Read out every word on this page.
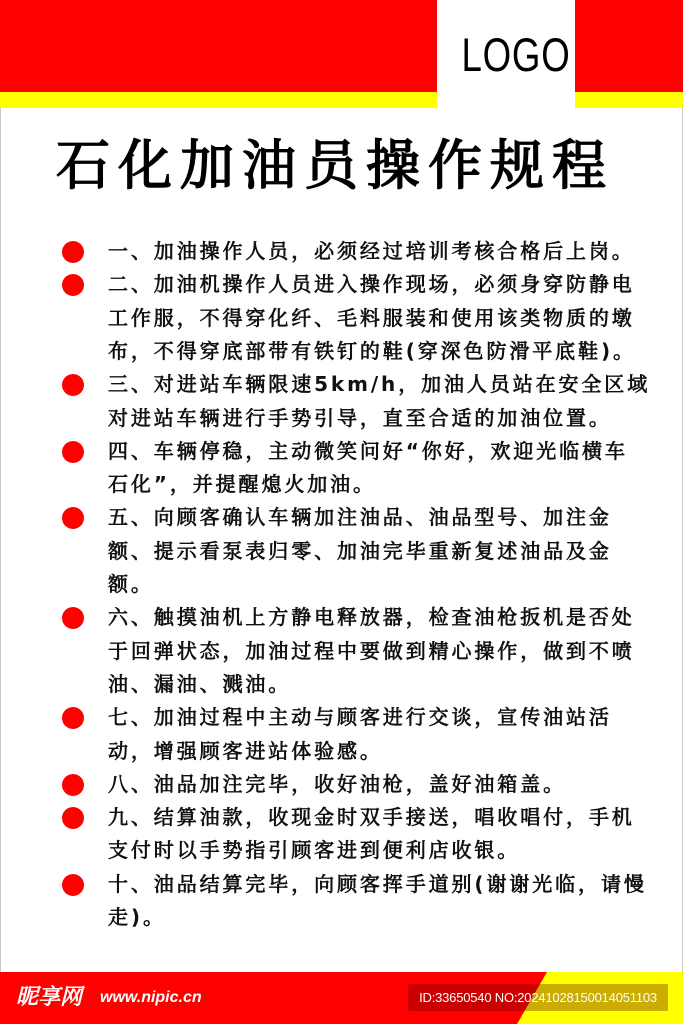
LOGO
石化加油员操作规程
一、加油操作人员，必须经过培训考核合格后上岗。
二、加油机操作人员进入操作现场，必须身穿防静电
工作服，不得穿化纤、毛料服装和使用该类物质的墩
布，不得穿底部带有铁钉的鞋(穿深色防滑平底鞋)。
三、对进站车辆限速5km/h，加油人员站在安全区域
对进站车辆进行手势引导，直至合适的加油位置。
四、车辆停稳，主动微笑问好“你好，欢迎光临横车
石化”，并提醒熄火加油。
五、向顾客确认车辆加注油品、油品型号、加注金
额、提示看泵表归零、加油完毕重新复述油品及金
额。
六、触摸油机上方静电释放器，检查油枪扳机是否处
于回弹状态，加油过程中要做到精心操作，做到不喷
油、漏油、溅油。
七、加油过程中主动与顾客进行交谈，宣传油站活
动，增强顾客进站体验感。
八、油品加注完毕，收好油枪，盖好油箱盖。
九、结算油款，收现金时双手接送，唱收唱付，手机
支付时以手势指引顾客进到便利店收银。
十、油品结算完毕，向顾客挥手道别(谢谢光临，请慢
走)。
昵享网 www.nipic.cn	ID:33650540 NO:20241028150014051103
